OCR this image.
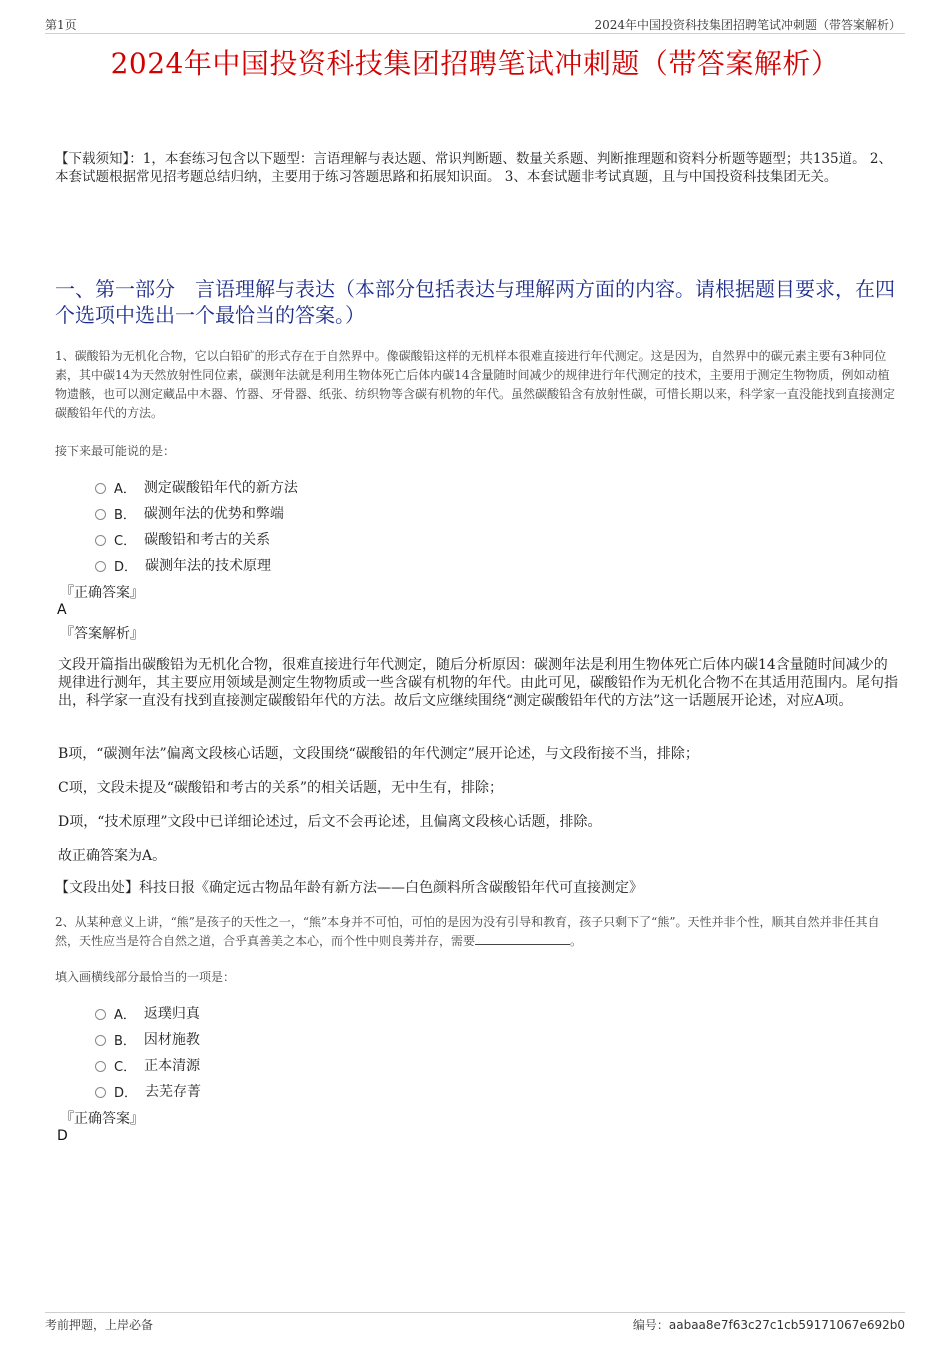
第1页	2024年中国投资科技集团招聘笔试冲刺题（带答案解析）
2024年中国投资科技集团招聘笔试冲刺题（带答案解析）
【下载须知】：1，本套练习包含以下题型：言语理解与表达题、常识判断题、数量关系题、判断推理题和资料分析题等题型；共135道。 2、本套试题根据常见招考题总结归纳，主要用于练习答题思路和拓展知识面。 3、本套试题非考试真题，且与中国投资科技集团无关。
一、第一部分　言语理解与表达（本部分包括表达与理解两方面的内容。请根据题目要求，在四个选项中选出一个最恰当的答案。）
1、碳酸铅为无机化合物，它以白铅矿的形式存在于自然界中。像碳酸铅这样的无机样本很难直接进行年代测定。这是因为，自然界中的碳元素主要有3种同位素，其中碳14为天然放射性同位素，碳测年法就是利用生物体死亡后体内碳14含量随时间减少的规律进行年代测定的技术，主要用于测定生物物质，例如动植物遗骸，也可以测定藏品中木器、竹器、牙骨器、纸张、纺织物等含碳有机物的年代。虽然碳酸铅含有放射性碳，可惜长期以来，科学家一直没能找到直接测定碳酸铅年代的方法。
接下来最可能说的是：
A． 测定碳酸铅年代的新方法
B． 碳测年法的优势和弊端
C． 碳酸铅和考古的关系
D． 碳测年法的技术原理
『正确答案』
A
『答案解析』
文段开篇指出碳酸铅为无机化合物，很难直接进行年代测定，随后分析原因：碳测年法是利用生物体死亡后体内碳14含量随时间减少的规律进行测年，其主要应用领域是测定生物物质或一些含碳有机物的年代。由此可见，碳酸铅作为无机化合物不在其适用范围内。尾句指出，科学家一直没有找到直接测定碳酸铅年代的方法。故后文应继续围绕“测定碳酸铅年代的方法”这一话题展开论述，对应A项。
B项，“碳测年法”偏离文段核心话题，文段围绕“碳酸铅的年代测定”展开论述，与文段衔接不当，排除；
C项，文段未提及“碳酸铅和考古的关系”的相关话题，无中生有，排除；
D项，“技术原理”文段中已详细论述过，后文不会再论述，且偏离文段核心话题，排除。
故正确答案为A。
【文段出处】科技日报《确定远古物品年龄有新方法——白色颜料所含碳酸铅年代可直接测定》
2、从某种意义上讲，“熊”是孩子的天性之一，“熊”本身并不可怕，可怕的是因为没有引导和教育，孩子只剩下了“熊”。天性并非个性，顺其自然并非任其自然，天性应当是符合自然之道，合乎真善美之本心，而个性中则良莠并存，需要	。
填入画横线部分最恰当的一项是：
A． 返璞归真
B． 因材施教
C． 正本清源
D． 去芜存菁
『正确答案』
D
考前押题，上岸必备	编号：aabaa8e7f63c27c1cb59171067e692b0
